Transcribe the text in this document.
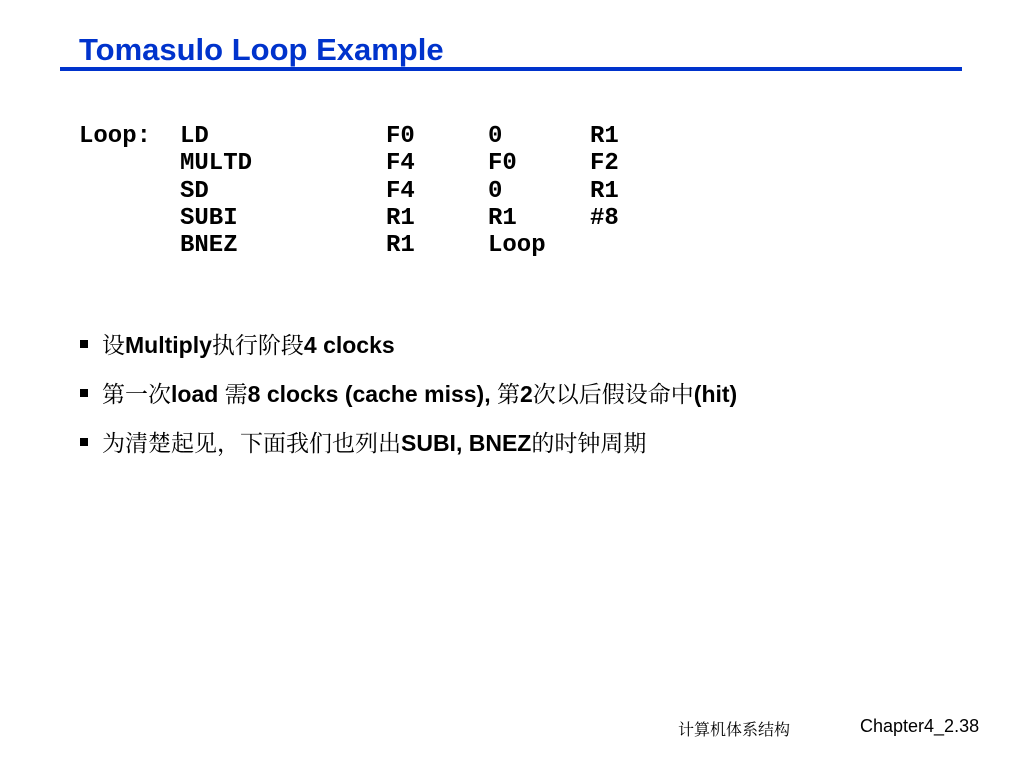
Tomasulo Loop Example
Loop: LD	F0	0	R1
MULTD	F4	F0	F2
SD	F4	0	R1
SUBI	R1	R1	#8
BNEZ	R1	Loop
设Multiply执行阶段4 clocks
第一次load 需8 clocks (cache miss), 第2次以后假设命中(hit)
为清楚起见，下面我们也列出SUBI, BNEZ的时钟周期
计算机体系结构	Chapter4_2.38
